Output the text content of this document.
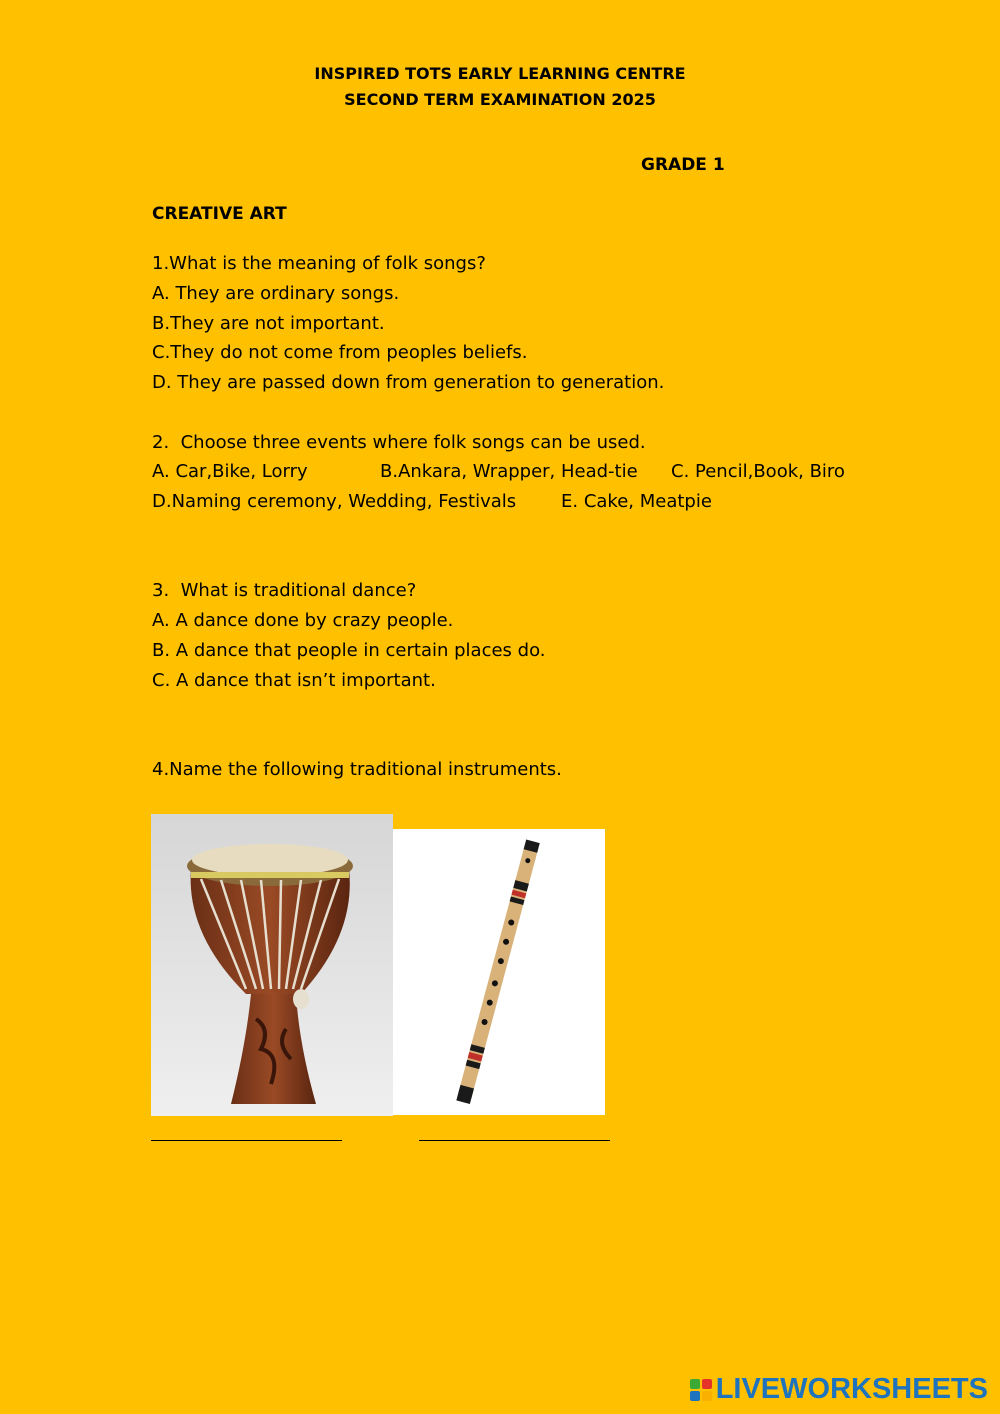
INSPIRED TOTS EARLY LEARNING CENTRE
SECOND TERM EXAMINATION 2025
GRADE 1
CREATIVE ART
1.What is the meaning of folk songs?
A. They are ordinary songs.
B.They are not important.
C.They do not come from peoples beliefs.
D. They are passed down from generation to generation.
2.  Choose three events where folk songs can be used.
A. Car,Bike, Lorry	B.Ankara, Wrapper, Head-tie C. Pencil,Book, Biro
D.Naming ceremony, Wedding, Festivals E. Cake, Meatpie
3.  What is traditional dance?
A. A dance done by crazy people.
B. A dance that people in certain places do.
C. A dance that isn’t important.
4.Name the following traditional instruments.
LIVEWORKSHEETS
